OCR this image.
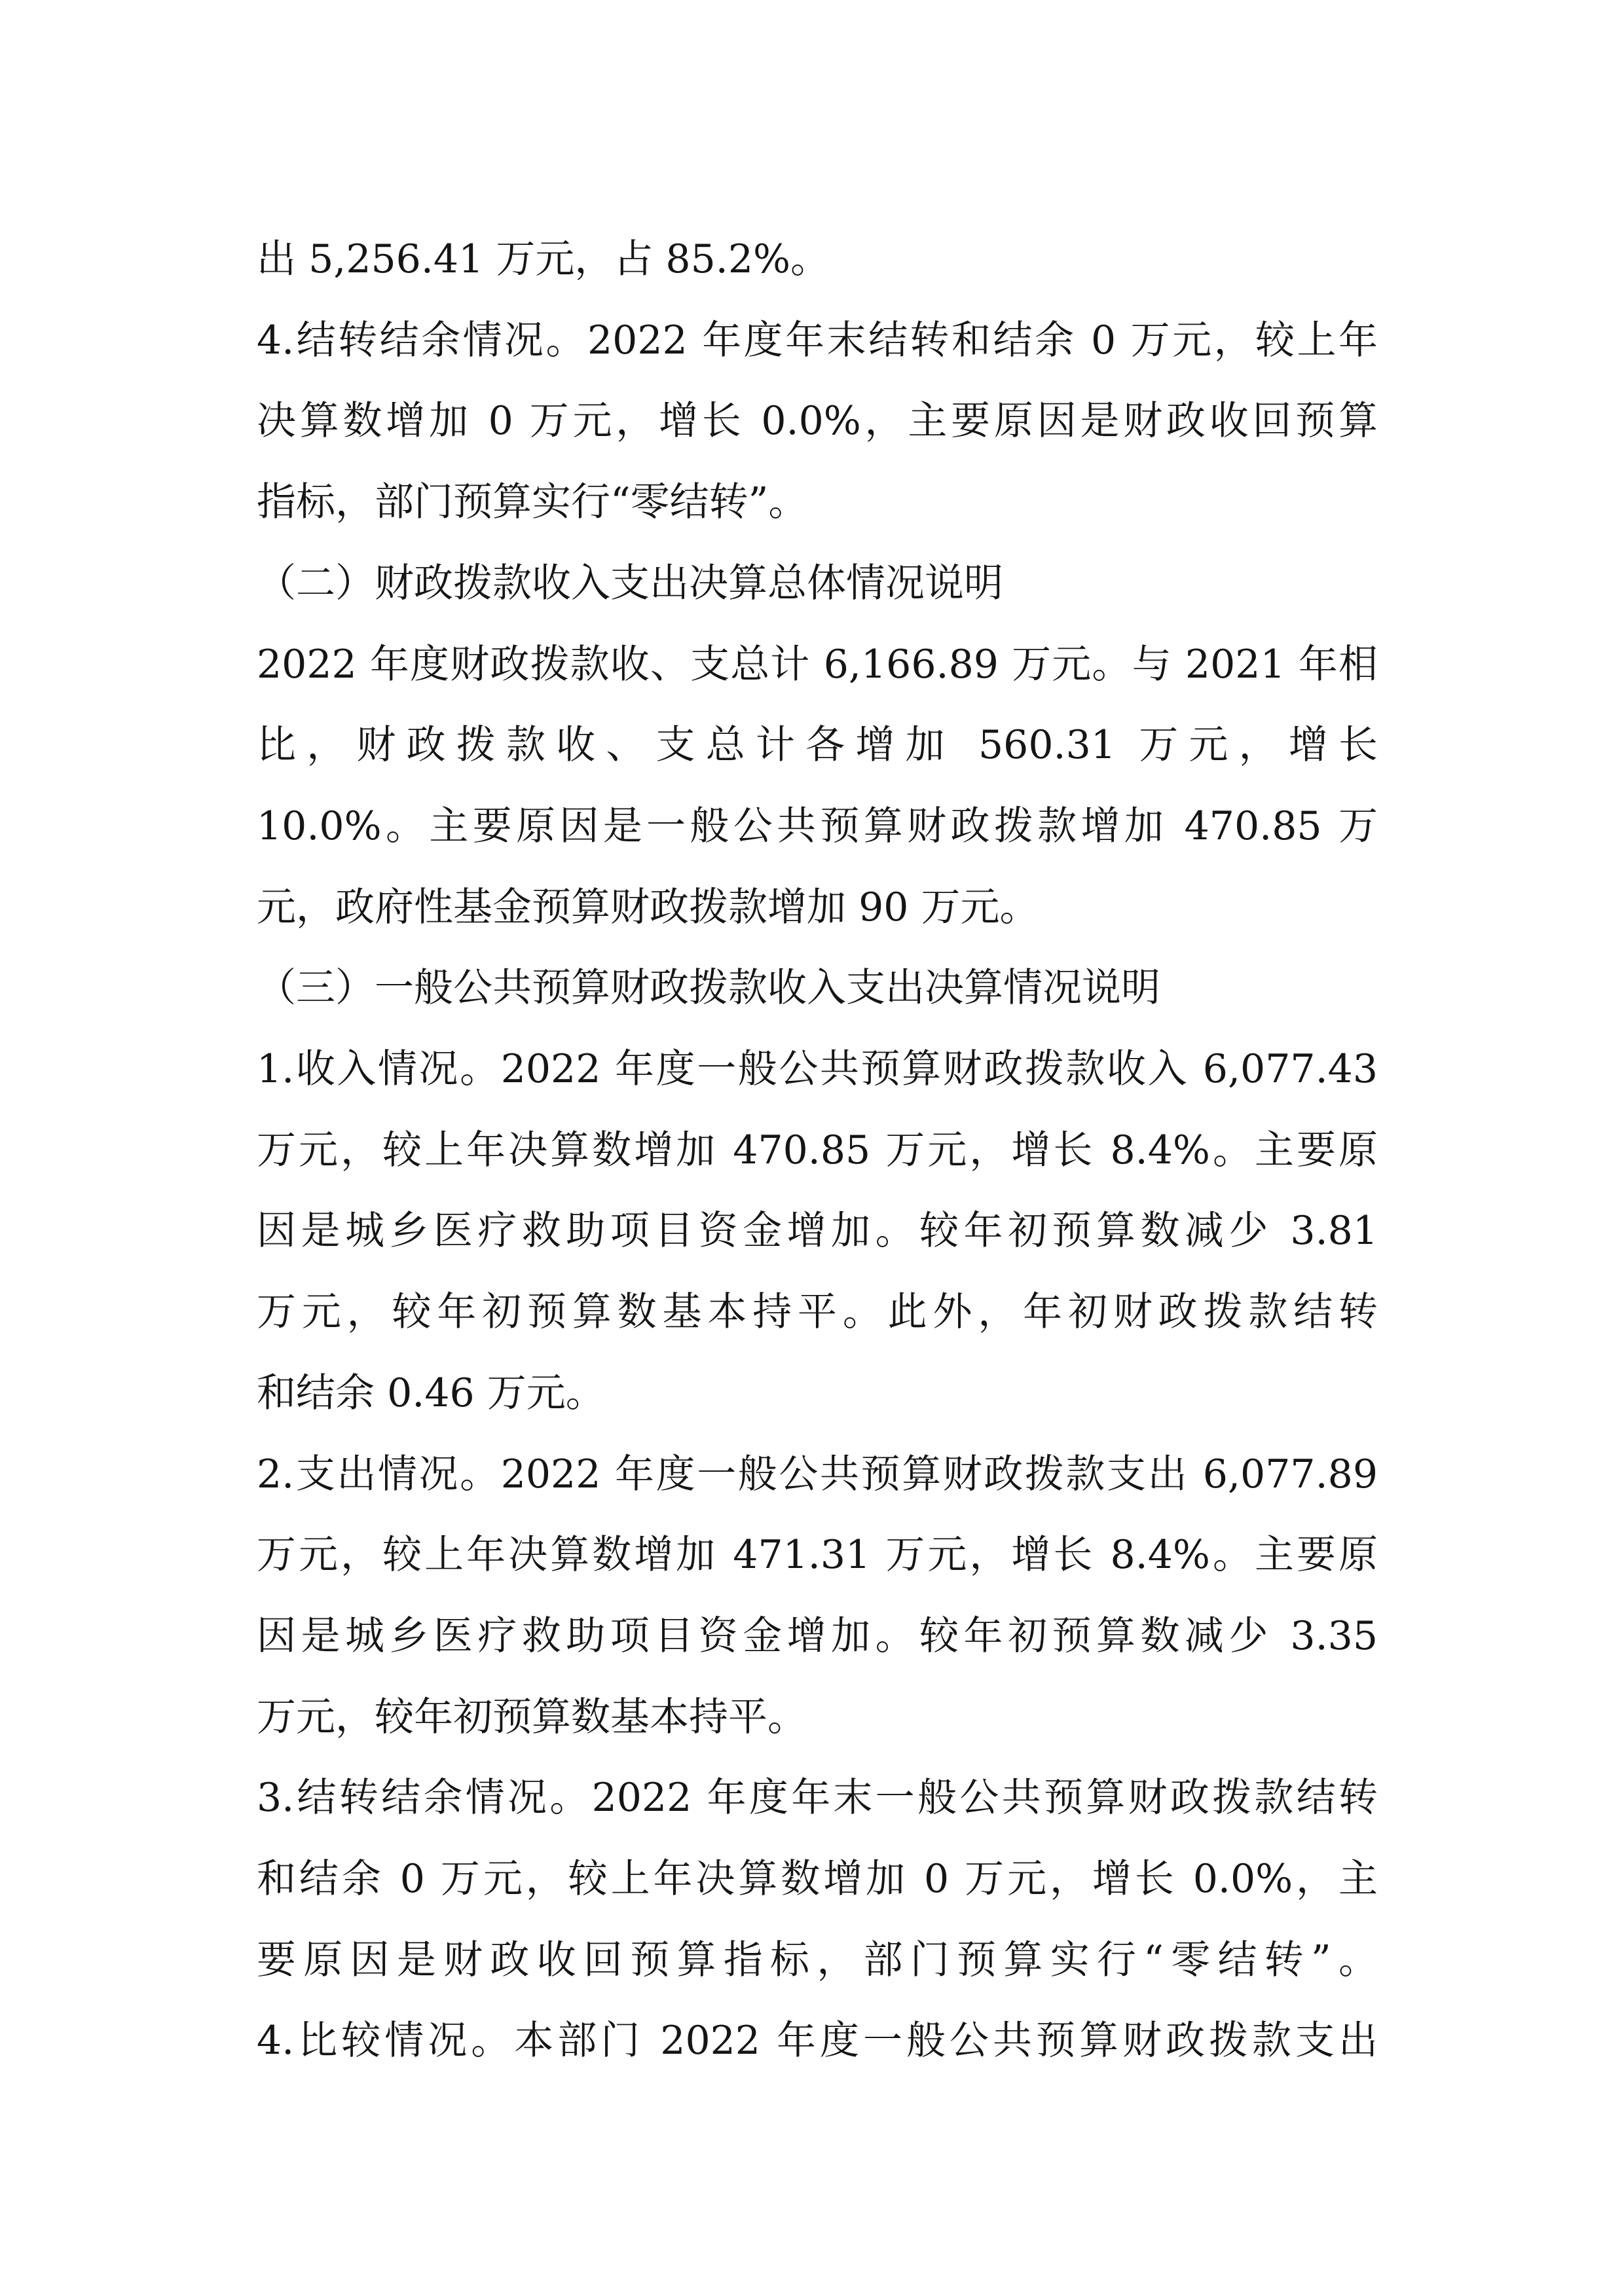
出 5,256.41 万元，占 85.2%。
4.结转结余情况。2022 年度年末结转和结余 0 万元，较上年
决算数增加 0 万元，增长 0.0%，主要原因是财政收回预算
指标，部门预算实行“零结转”。
（二）财政拨款收入支出决算总体情况说明
2022 年度财政拨款收、支总计 6,166.89 万元。与 2021 年相
比，财政拨款收、支总计各增加 560.31 万元，增长
10.0%。主要原因是一般公共预算财政拨款增加 470.85 万
元，政府性基金预算财政拨款增加 90 万元。
（三）一般公共预算财政拨款收入支出决算情况说明
1.收入情况。2022 年度一般公共预算财政拨款收入 6,077.43
万元，较上年决算数增加 470.85 万元，增长 8.4%。主要原
因是城乡医疗救助项目资金增加。较年初预算数减少 3.81
万元，较年初预算数基本持平。此外，年初财政拨款结转
和结余 0.46 万元。
2.支出情况。2022 年度一般公共预算财政拨款支出 6,077.89
万元，较上年决算数增加 471.31 万元，增长 8.4%。主要原
因是城乡医疗救助项目资金增加。较年初预算数减少 3.35
万元，较年初预算数基本持平。
3.结转结余情况。2022 年度年末一般公共预算财政拨款结转
和结余 0 万元，较上年决算数增加 0 万元，增长 0.0%，主
要原因是财政收回预算指标，部门预算实行“零结转”。
4.比较情况。本部门 2022 年度一般公共预算财政拨款支出
